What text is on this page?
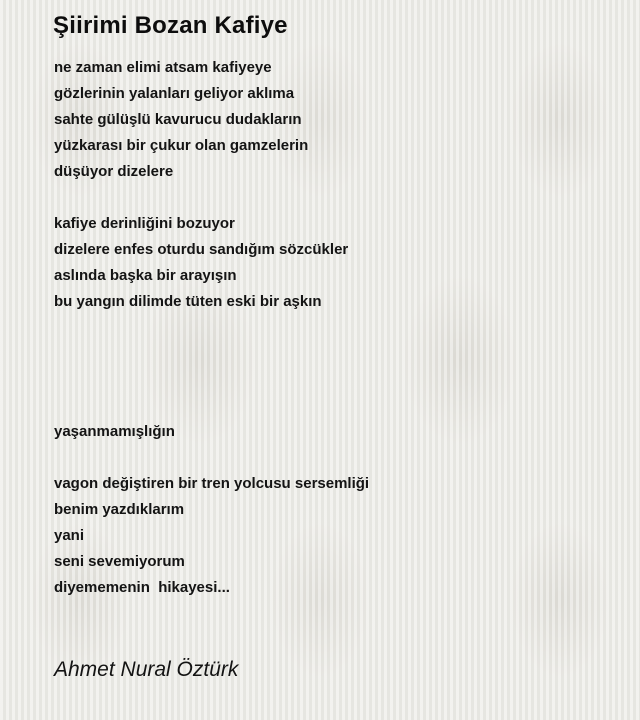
Şiirimi Bozan Kafiye
ne zaman elimi atsam kafiyeye
gözlerinin yalanları geliyor aklıma
sahte gülüşlü kavurucu dudakların
yüzkarası bir çukur olan gamzelerin
düşüyor dizelere
kafiye derinliğini bozuyor
dizelere enfes oturdu sandığım sözcükler
aslında başka bir arayışın
bu yangın dilimde tüten eski bir aşkın
yaşanmamışlığın
vagon değiştiren bir tren yolcusu sersemliği
benim yazdıklarım
yani
seni sevemiyorum
diyememenin  hikayesi...
Ahmet Nural Öztürk
